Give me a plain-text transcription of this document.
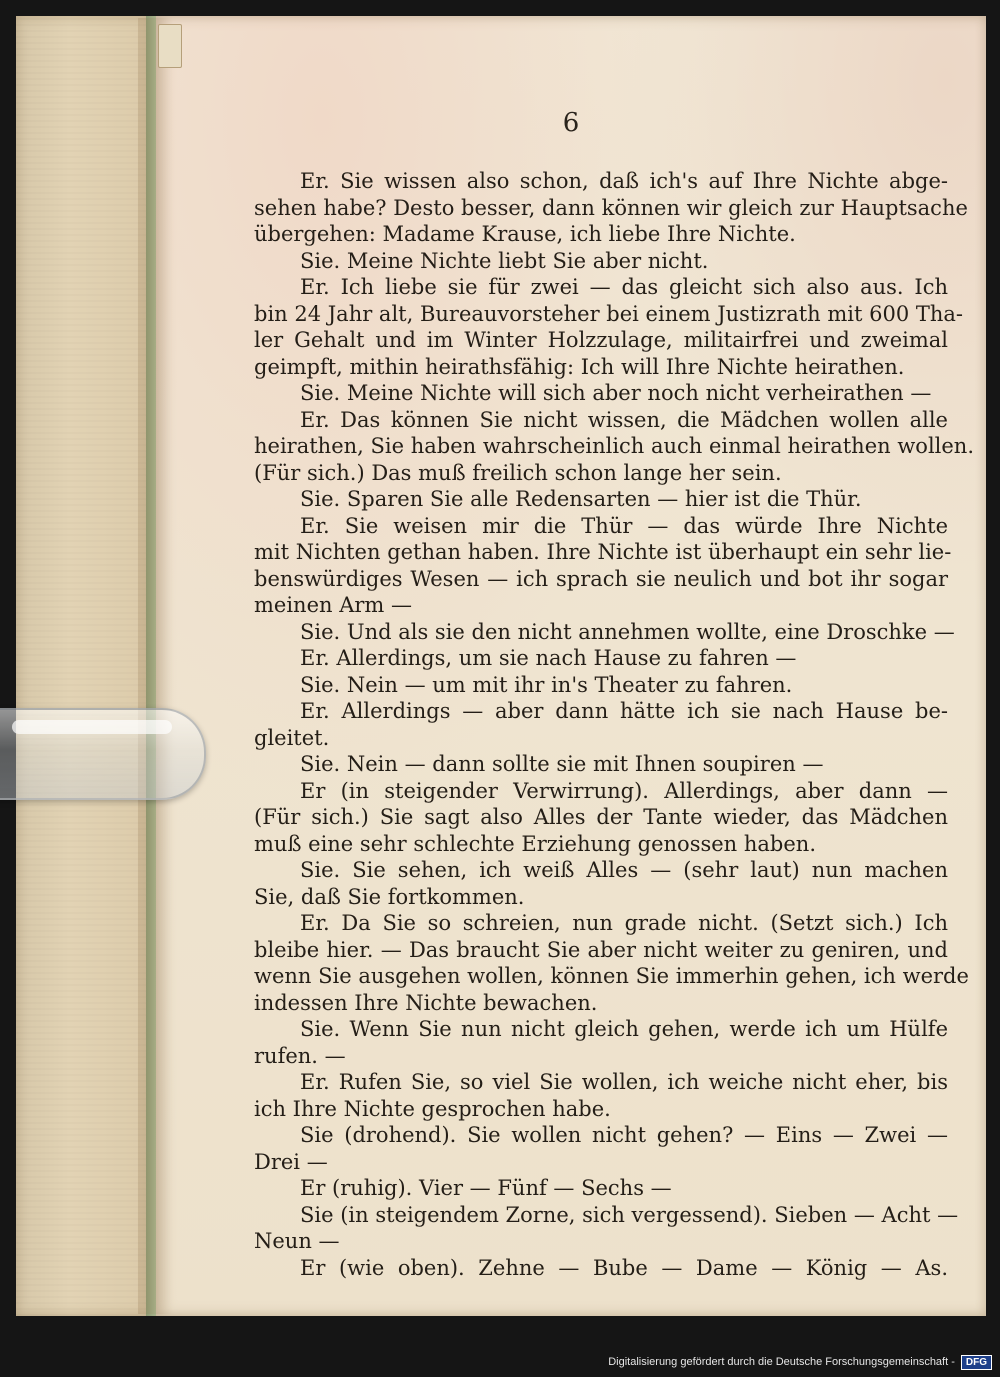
6
Er. Sie wissen also schon, daß ich's auf Ihre Nichte abge-
sehen habe? Desto besser, dann können wir gleich zur Hauptsache
übergehen: Madame Krause, ich liebe Ihre Nichte.
Sie. Meine Nichte liebt Sie aber nicht.
Er. Ich liebe sie für zwei — das gleicht sich also aus. Ich
bin 24 Jahr alt, Bureauvorsteher bei einem Justizrath mit 600 Tha-
ler Gehalt und im Winter Holzzulage, militairfrei und zweimal
geimpft, mithin heirathsfähig: Ich will Ihre Nichte heirathen.
Sie. Meine Nichte will sich aber noch nicht verheirathen —
Er. Das können Sie nicht wissen, die Mädchen wollen alle
heirathen, Sie haben wahrscheinlich auch einmal heirathen wollen.
(Für sich.) Das muß freilich schon lange her sein.
Sie. Sparen Sie alle Redensarten — hier ist die Thür.
Er. Sie weisen mir die Thür — das würde Ihre Nichte
mit Nichten gethan haben. Ihre Nichte ist überhaupt ein sehr lie-
benswürdiges Wesen — ich sprach sie neulich und bot ihr sogar
meinen Arm —
Sie. Und als sie den nicht annehmen wollte, eine Droschke —
Er. Allerdings, um sie nach Hause zu fahren —
Sie. Nein — um mit ihr in's Theater zu fahren.
Er. Allerdings — aber dann hätte ich sie nach Hause be-
gleitet.
Sie. Nein — dann sollte sie mit Ihnen soupiren —
Er (in steigender Verwirrung). Allerdings, aber dann —
(Für sich.) Sie sagt also Alles der Tante wieder, das Mädchen
muß eine sehr schlechte Erziehung genossen haben.
Sie. Sie sehen, ich weiß Alles — (sehr laut) nun machen
Sie, daß Sie fortkommen.
Er. Da Sie so schreien, nun grade nicht. (Setzt sich.) Ich
bleibe hier. — Das braucht Sie aber nicht weiter zu geniren, und
wenn Sie ausgehen wollen, können Sie immerhin gehen, ich werde
indessen Ihre Nichte bewachen.
Sie. Wenn Sie nun nicht gleich gehen, werde ich um Hülfe
rufen. —
Er. Rufen Sie, so viel Sie wollen, ich weiche nicht eher, bis
ich Ihre Nichte gesprochen habe.
Sie (drohend). Sie wollen nicht gehen? — Eins — Zwei —
Drei —
Er (ruhig). Vier — Fünf — Sechs —
Sie (in steigendem Zorne, sich vergessend). Sieben — Acht —
Neun —
Er (wie oben). Zehne — Bube — Dame — König — As.
Digitalisierung gefördert durch die Deutsche Forschungsgemeinschaft -	DFG
